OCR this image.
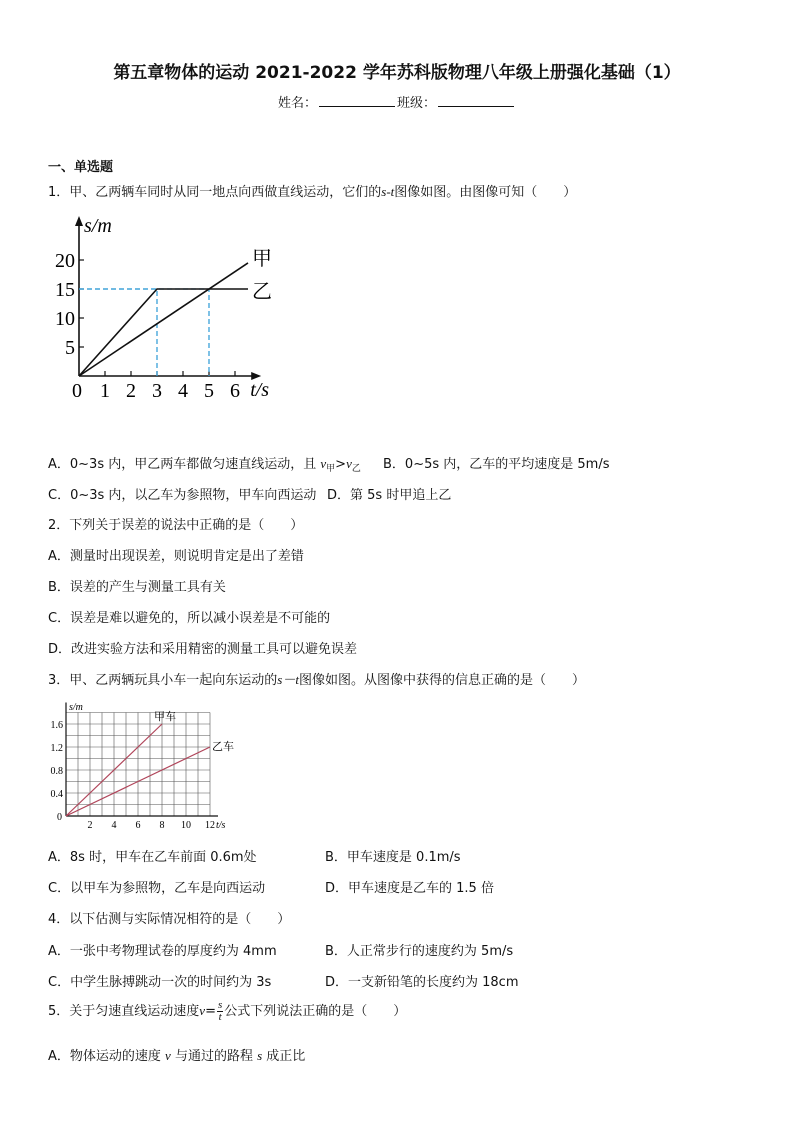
第五章物体的运动 2021-2022 学年苏科版物理八年级上册强化基础（1）
姓名：	班级：
一、单选题
1．甲、乙两辆车同时从同一地点向西做直线运动，它们的s-t图像如图。由图像可知（　　）
s/m
t/s
0 1 2 3 4 5 6
5
10
15
20	甲
乙
A．0~3s 内，甲乙两车都做匀速直线运动，且 $v_甲>v_乙$ B．0~5s 内，乙车的平均速度是 5m/s
C．0~3s 内，以乙车为参照物，甲车向西运动 D．第 5s 时甲追上乙
2．下列关于误差的说法中正确的是（　　）
A．测量时出现误差，则说明肯定是出了差错
B．误差的产生与测量工具有关
C．误差是难以避免的，所以减小误差是不可能的
D．改进实验方法和采用精密的测量工具可以避免误差
3．甲、乙两辆玩具小车一起向东运动的s－t图像如图。从图像中获得的信息正确的是（　　）
s/m
t/s
0
2 4 6 8 10 12
0.4
0.8
1.2
1.6
甲车
乙车
A．8s 时，甲车在乙车前面 0.6m处	B．甲车速度是 0.1m/s
C．以甲车为参照物，乙车是向西运动	D．甲车速度是乙车的 1.5 倍
4．以下估测与实际情况相符的是（　　）
A．一张中考物理试卷的厚度约为 4mm	B．人正常步行的速度约为 5m/s
C．中学生脉搏跳动一次的时间约为 3s	D．一支新铅笔的长度约为 18cm
5．关于匀速直线运动速度$v= \frac{s}{t}$ 公式下列说法正确的是（　　）
A．物体运动的速度 v 与通过的路程 s 成正比
